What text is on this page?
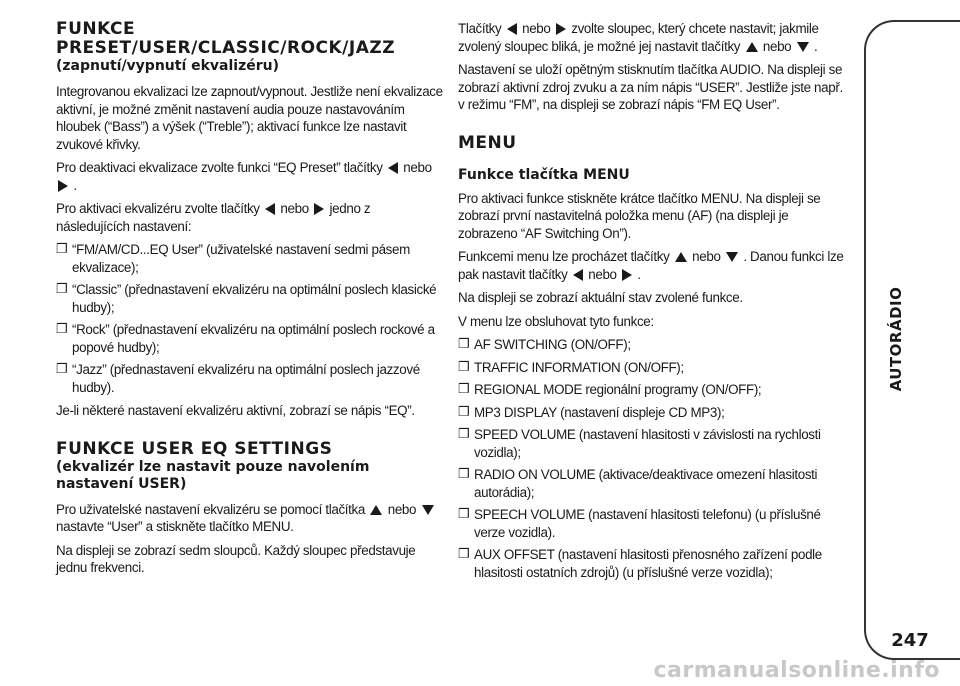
FUNKCE
PRESET/USER/CLASSIC/ROCK/JAZZ
(zapnutí/vypnutí ekvalizéru)

Integrovanou ekvalizaci lze zapnout/vypnout. Jestliže není ekvalizace aktivní, je možné změnit nastavení audia pouze nastavováním hloubek (“Bass”) a výšek (“Treble”); aktivací funkce lze nastavit zvukové křivky.

Pro deaktivaci ekvalizace zvolte funkci “EQ Preset” tlačítky nebo  .

Pro aktivaci ekvalizéru zvolte tlačítky nebo jedno z následujících nastavení:

❒ “FM/AM/CD...EQ User” (uživatelské nastavení sedmi pásem ekvalizace);
❒ “Classic” (přednastavení ekvalizéru na optimální poslech klasické hudby);
❒ “Rock” (přednastavení ekvalizéru na optimální poslech rockové a popové hudby);
❒ “Jazz” (přednastavení ekvalizéru na optimální poslech jazzové hudby).

Je-li některé nastavení ekvalizéru aktivní, zobrazí se nápis “EQ”.

FUNKCE USER EQ SETTINGS
(ekvalizér lze nastavit pouze navolením nastavení USER)

Pro uživatelské nastavení ekvalizéru se pomocí tlačítka nebo  nastavte “User” a stiskněte tlačítko MENU.

Na displeji se zobrazí sedm sloupců. Každý sloupec představuje jednu frekvenci.

Tlačítky nebo zvolte sloupec, který chcete nastavit; jakmile zvolený sloupec bliká, je možné jej nastavit tlačítky nebo .

Nastavení se uloží opětným stisknutím tlačítka AUDIO. Na displeji se zobrazí aktivní zdroj zvuku a za ním nápis “USER”. Jestliže jste např. v režimu “FM”, na displeji se zobrazí nápis “FM EQ User”.

MENU
Funkce tlačítka MENU

Pro aktivaci funkce stiskněte krátce tlačítko MENU. Na displeji se zobrazí první nastavitelná položka menu (AF) (na displeji je zobrazeno “AF Switching On”).

Funkcemi menu lze procházet tlačítky nebo . Danou funkci lze pak nastavit tlačítky nebo .

Na displeji se zobrazí aktuální stav zvolené funkce.

V menu lze obsluhovat tyto funkce:

❒ AF SWITCHING (ON/OFF);
❒ TRAFFIC INFORMATION (ON/OFF);
❒ REGIONAL MODE regionální programy (ON/OFF);
❒ MP3 DISPLAY (nastavení displeje CD MP3);
❒ SPEED VOLUME (nastavení hlasitosti v závislosti na rychlosti vozidla);
❒ RADIO ON VOLUME (aktivace/deaktivace omezení hlasitosti autorádia);
❒ SPEECH VOLUME (nastavení hlasitosti telefonu) (u příslušné verze vozidla).
❒ AUX OFFSET (nastavení hlasitosti přenosného zařízení podle hlasitosti ostatních zdrojů) (u příslušné verze vozidla);
AUTORÁDIO
247
carmanualsonline.info
